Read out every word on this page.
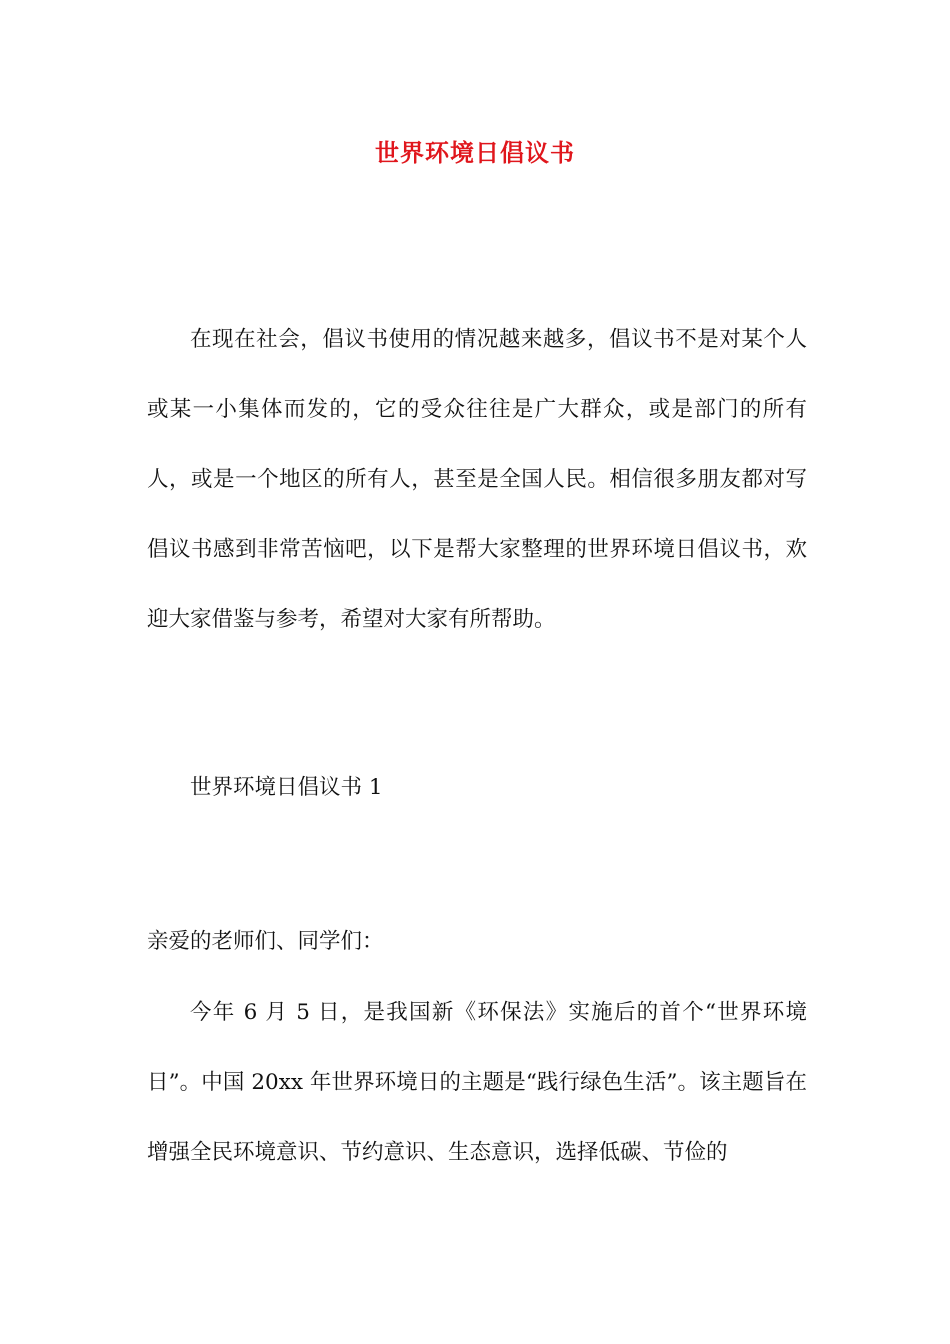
世界环境日倡议书

在现在社会，倡议书使用的情况越来越多，倡议书不是对某个人或某一小集体而发的，它的受众往往是广大群众，或是部门的所有人，或是一个地区的所有人，甚至是全国人民。相信很多朋友都对写倡议书感到非常苦恼吧，以下是帮大家整理的世界环境日倡议书，欢迎大家借鉴与参考，希望对大家有所帮助。

世界环境日倡议书 1
亲爱的老师们、同学们：

今年 6 月 5 日，是我国新《环保法》实施后的首个“世界环境日”。中国 20xx 年世界环境日的主题是“践行绿色生活”。该主题旨在增强全民环境意识、节约意识、生态意识，选择低碳、节俭的
